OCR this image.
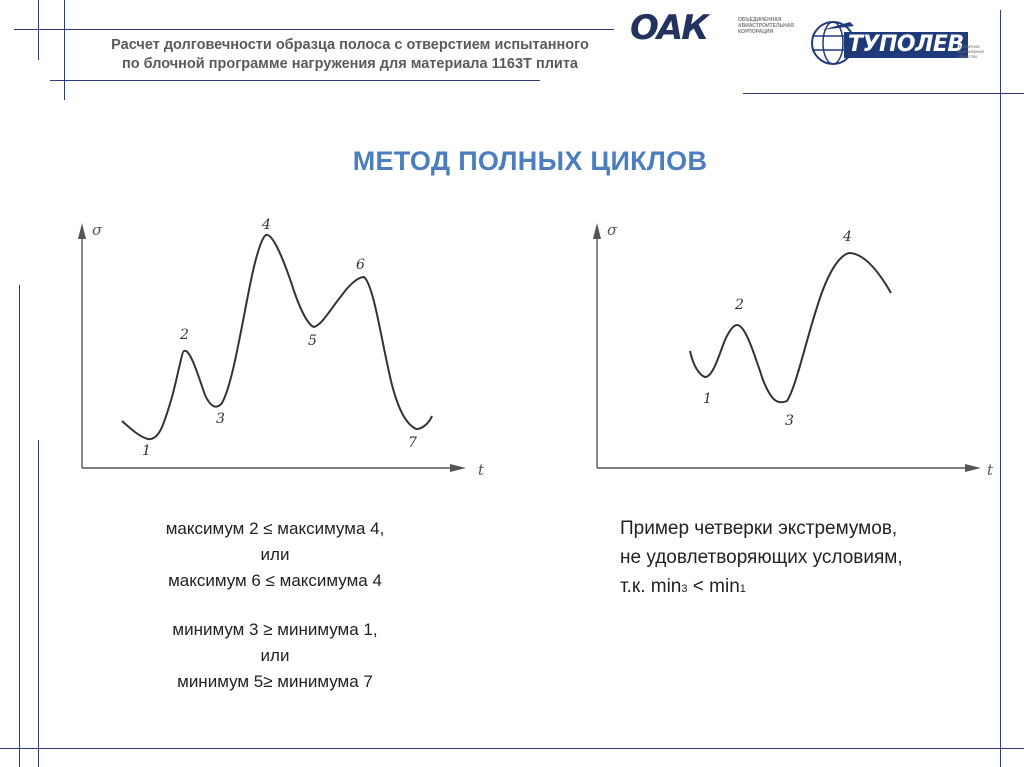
Расчет долговечности образца полоса с отверстием испытанного
по блочной программе нагружения для материала 1163Т плита
ОАК	ОБЪЕДИНЕННАЯ АВИАСТРОИТЕЛЬНАЯ КОРПОРАЦИЯ	ТУПОЛЕВ
Публичное акционерное общество
МЕТОД ПОЛНЫХ ЦИКЛОВ
σ
t
1
2
3
4
5
6
7
σ
t
1
2
3
4
максимум 2 ≤ максимума 4,
или
максимум 6 ≤ максимума 4
минимум 3 ≥ минимума 1,
или
минимум 5≥ минимума 7
Пример четверки экстремумов,
не удовлетворяющих условиям,
т.к. min3 < min1
